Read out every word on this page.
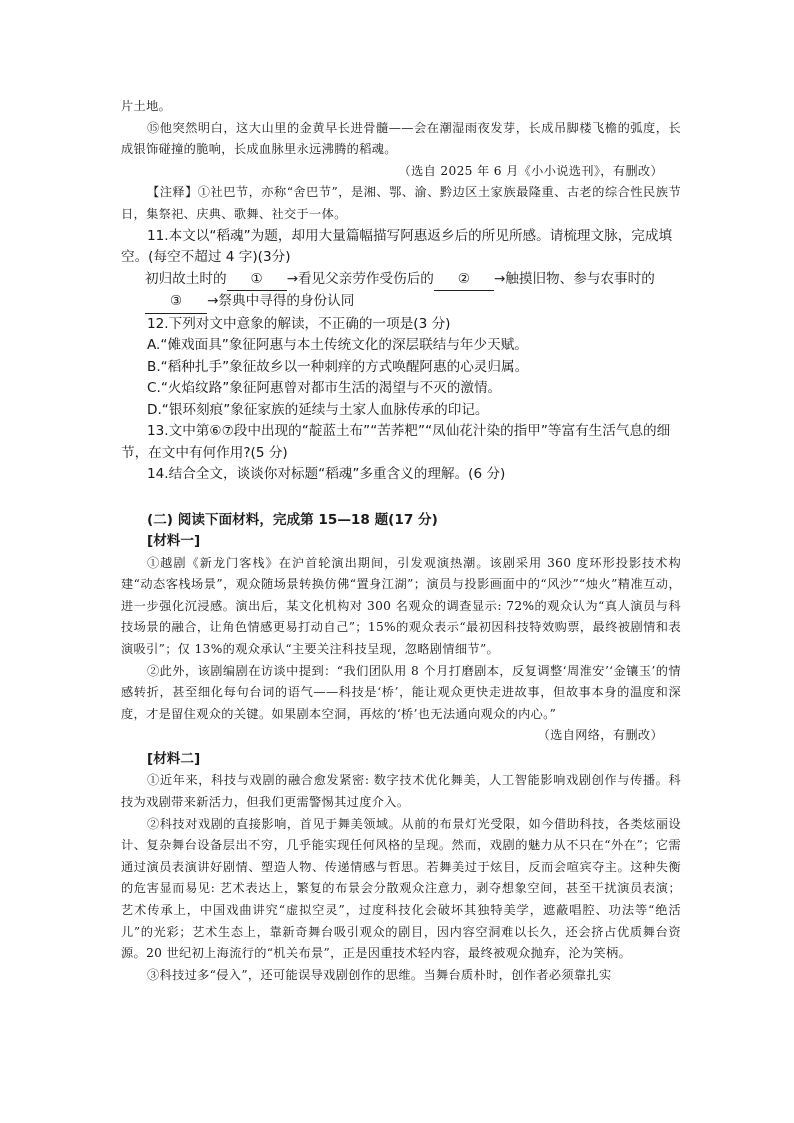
片土地。

⑮他突然明白，这大山里的金黄早长进骨髓——会在潮湿雨夜发芽，长成吊脚楼飞檐的弧度，长成银饰碰撞的脆响，长成血脉里永远沸腾的稻魂。

（选自 2025 年 6 月《小小说选刊》，有删改）

【注释】①社巴节，亦称“舍巴节”，是湘、鄂、渝、黔边区土家族最隆重、古老的综合性民族节日，集祭祀、庆典、歌舞、社交于一体。

11.本文以“稻魂”为题，却用大量篇幅描写阿惠返乡后的所见所感。请梳理文脉，完成填空。(每空不超过 4 字)(3分)

初归故土时的 ① →看见父亲劳作受伤后的 ② →触摸旧物、参与农事时的③ →祭典中寻得的身份认同

12.下列对文中意象的解读，不正确的一项是(3 分)

A.“傩戏面具”象征阿惠与本土传统文化的深层联结与年少天赋。

B.“稻种扎手”象征故乡以一种刺痒的方式唤醒阿惠的心灵归属。

C.“火焰纹路”象征阿惠曾对都市生活的渴望与不灭的激情。

D.“银环刻痕”象征家族的延续与土家人血脉传承的印记。

13.文中第⑥⑦段中出现的“靛蓝土布”“苦荞粑”“凤仙花汁染的指甲”等富有生活气息的细节，在文中有何作用?(5 分)

14.结合全文，谈谈你对标题“稻魂”多重含义的理解。(6 分)

(二) 阅读下面材料，完成第 15—18 题(17 分)

[材料一]

①越剧《新龙门客栈》在沪首轮演出期间，引发观演热潮。该剧采用 360 度环形投影技术构建“动态客栈场景”，观众随场景转换仿佛“置身江湖”；演员与投影画面中的“风沙”“烛火”精准互动，进一步强化沉浸感。演出后，某文化机构对 300 名观众的调查显示: 72%的观众认为“真人演员与科技场景的融合，让角色情感更易打动自己”；15%的观众表示“最初因科技特效购票，最终被剧情和表演吸引”；仅 13%的观众承认“主要关注科技呈现，忽略剧情细节”。

②此外，该剧编剧在访谈中提到：“我们团队用 8 个月打磨剧本，反复调整‘周淮安’‘金镶玉’的情感转折，甚至细化每句台词的语气——科技是‘桥’，能让观众更快走进故事，但故事本身的温度和深度，才是留住观众的关键。如果剧本空洞，再炫的‘桥’也无法通向观众的内心。”

（选自网络，有删改）

[材料二]

①近年来，科技与戏剧的融合愈发紧密: 数字技术优化舞美，人工智能影响戏剧创作与传播。科技为戏剧带来新活力，但我们更需警惕其过度介入。

②科技对戏剧的直接影响，首见于舞美领域。从前的布景灯光受限，如今借助科技，各类炫丽设计、复杂舞台设备层出不穷，几乎能实现任何风格的呈现。然而，戏剧的魅力从不只在“外在”；它需通过演员表演讲好剧情、塑造人物、传递情感与哲思。若舞美过于炫目，反而会喧宾夺主。这种失衡的危害显而易见: 艺术表达上，繁复的布景会分散观众注意力，剥夺想象空间，甚至干扰演员表演；艺术传承上，中国戏曲讲究“虚拟空灵”，过度科技化会破坏其独特美学，遮蔽唱腔、功法等“绝活儿”的光彩；艺术生态上，靠新奇舞台吸引观众的剧目，因内容空洞难以长久，还会挤占优质舞台资源。20 世纪初上海流行的“机关布景”，正是因重技术轻内容，最终被观众抛弃，沦为笑柄。

③科技过多“侵入”，还可能误导戏剧创作的思维。当舞台质朴时，创作者必须靠扎实
